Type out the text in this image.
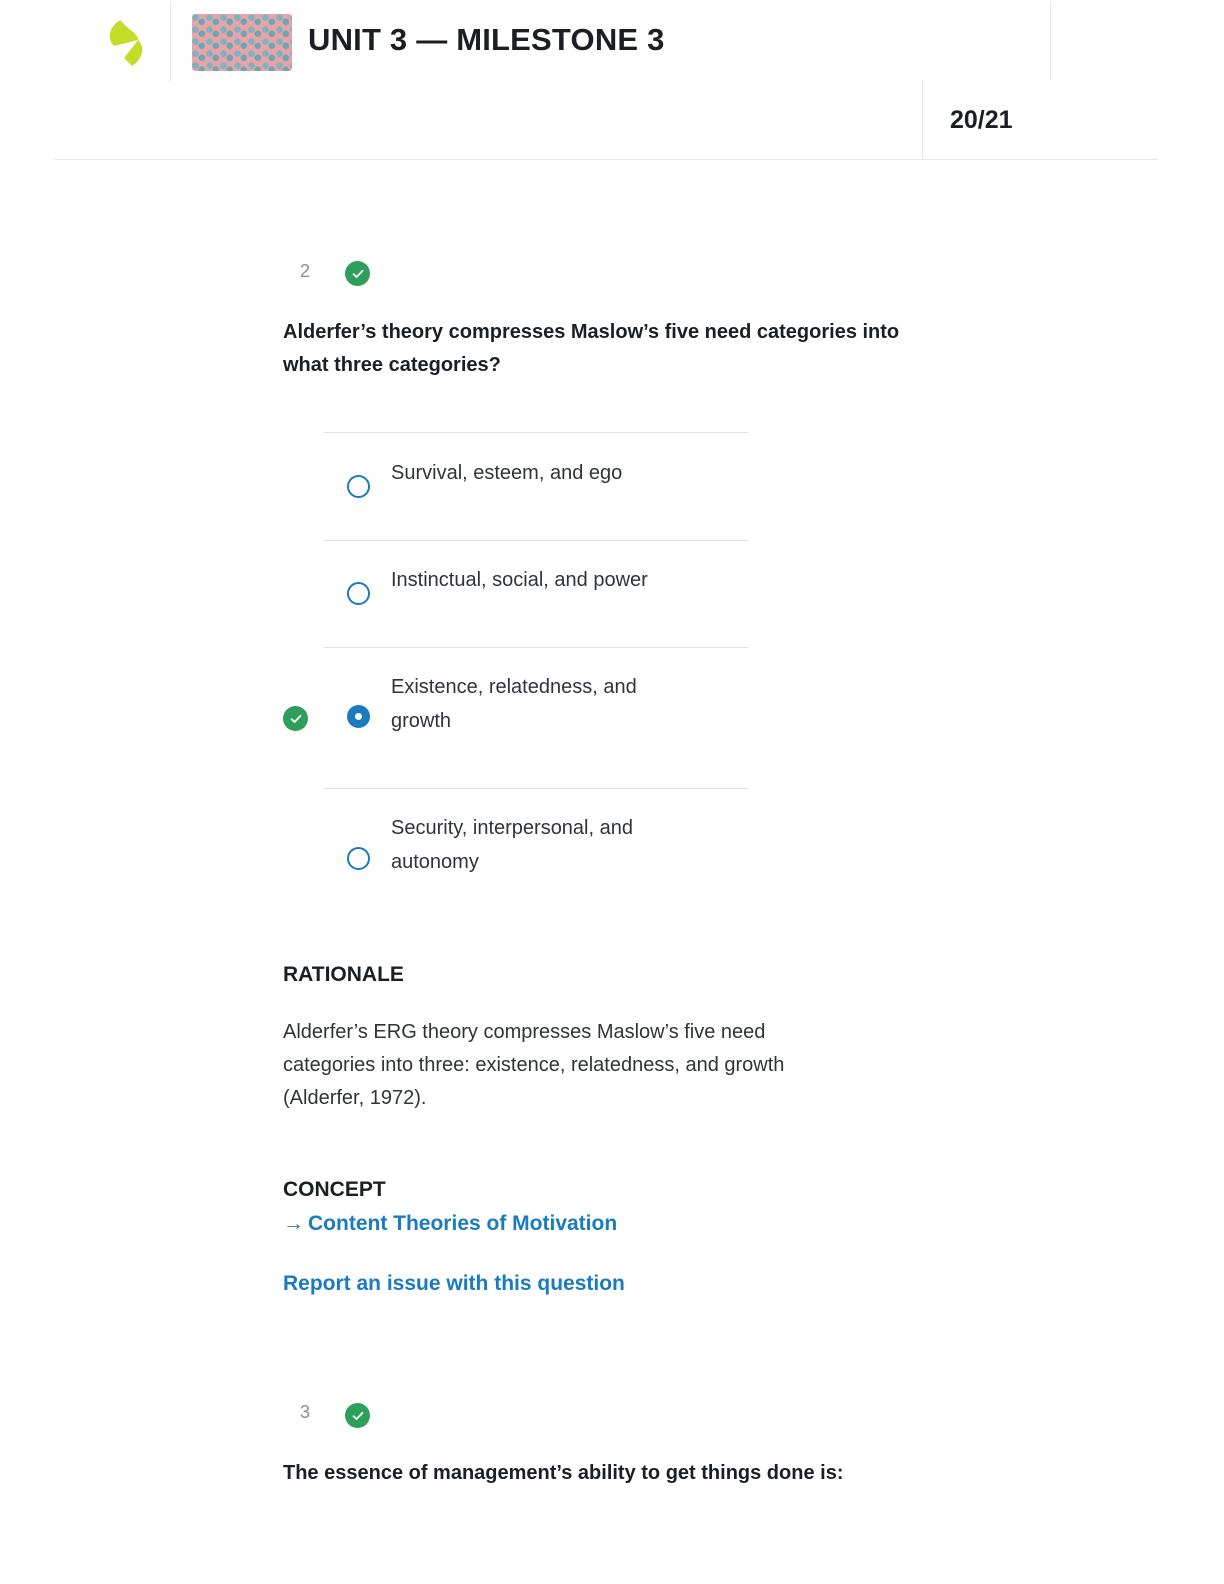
UNIT 3 — MILESTONE 3
20/21
2
Alderfer’s theory compresses Maslow’s five need categories into what three categories?
Survival, esteem, and ego
Instinctual, social, and power
Existence, relatedness, and growth
Security, interpersonal, and autonomy
RATIONALE
Alderfer’s ERG theory compresses Maslow’s five need categories into three: existence, relatedness, and growth (Alderfer, 1972).
CONCEPT
→ Content Theories of Motivation
Report an issue with this question
3
The essence of management’s ability to get things done is:
